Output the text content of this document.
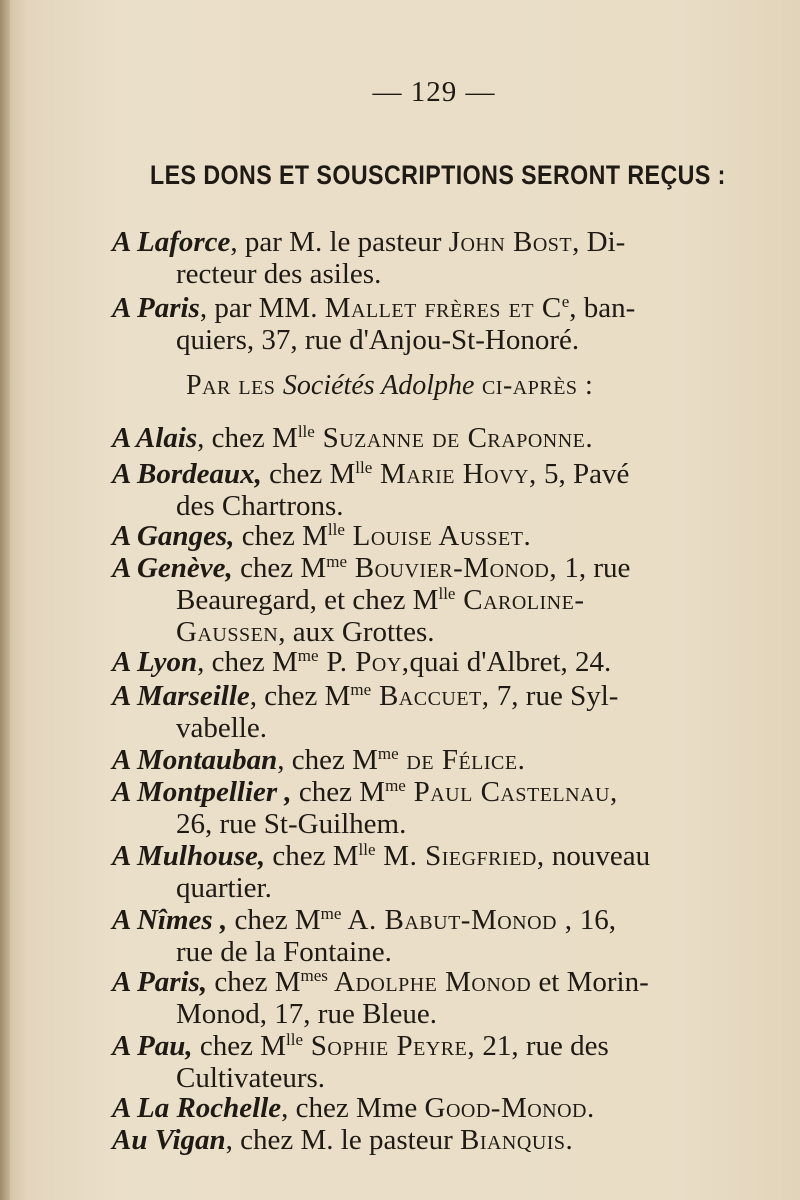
— 129 —
LES DONS ET SOUSCRIPTIONS SERONT REÇUS :
A Laforce, par M. le pasteur John Bost, Di-
recteur des asiles.
A Paris, par MM. Mallet frères et Ce, ban-
quiers, 37, rue d'Anjou-St-Honoré.
Par les Sociétés Adolphe ci-après :
A Alais, chez $M^{lle}$ Suzanne de Craponne.
A Bordeaux, chez $M^{lle}$ Marie Hovy, 5, Pavé
des Chartrons.
A Ganges, chez $M^{lle}$ Louise Ausset.
A Genève, chez $M^{me}$ Bouvier-Monod, 1, rue
Beauregard, et chez $M^{lle}$ Caroline-
Gaussen, aux Grottes.
A Lyon, chez $M^{me}$ P. Poy,quai d'Albret, 24.
A Marseille, chez $M^{me}$ Baccuet, 7, rue Syl-
vabelle.
A Montauban, chez $M^{me}$ de Félice.
A Montpellier , chez $M^{me}$ Paul Castelnau,
26, rue St-Guilhem.
A Mulhouse, chez $M^{lle}$ M. Siegfried, nouveau
quartier.
A Nîmes , chez $M^{me}$ A. Babut-Monod , 16,
rue de la Fontaine.
A Paris, chez $M^{mes}$ Adolphe Monod et Morin-
Monod, 17, rue Bleue.
A Pau, chez $M^{lle}$ Sophie Peyre, 21, rue des
Cultivateurs.
A La Rochelle, chez Mme Good-Monod.
Au Vigan, chez M. le pasteur Bianquis.
